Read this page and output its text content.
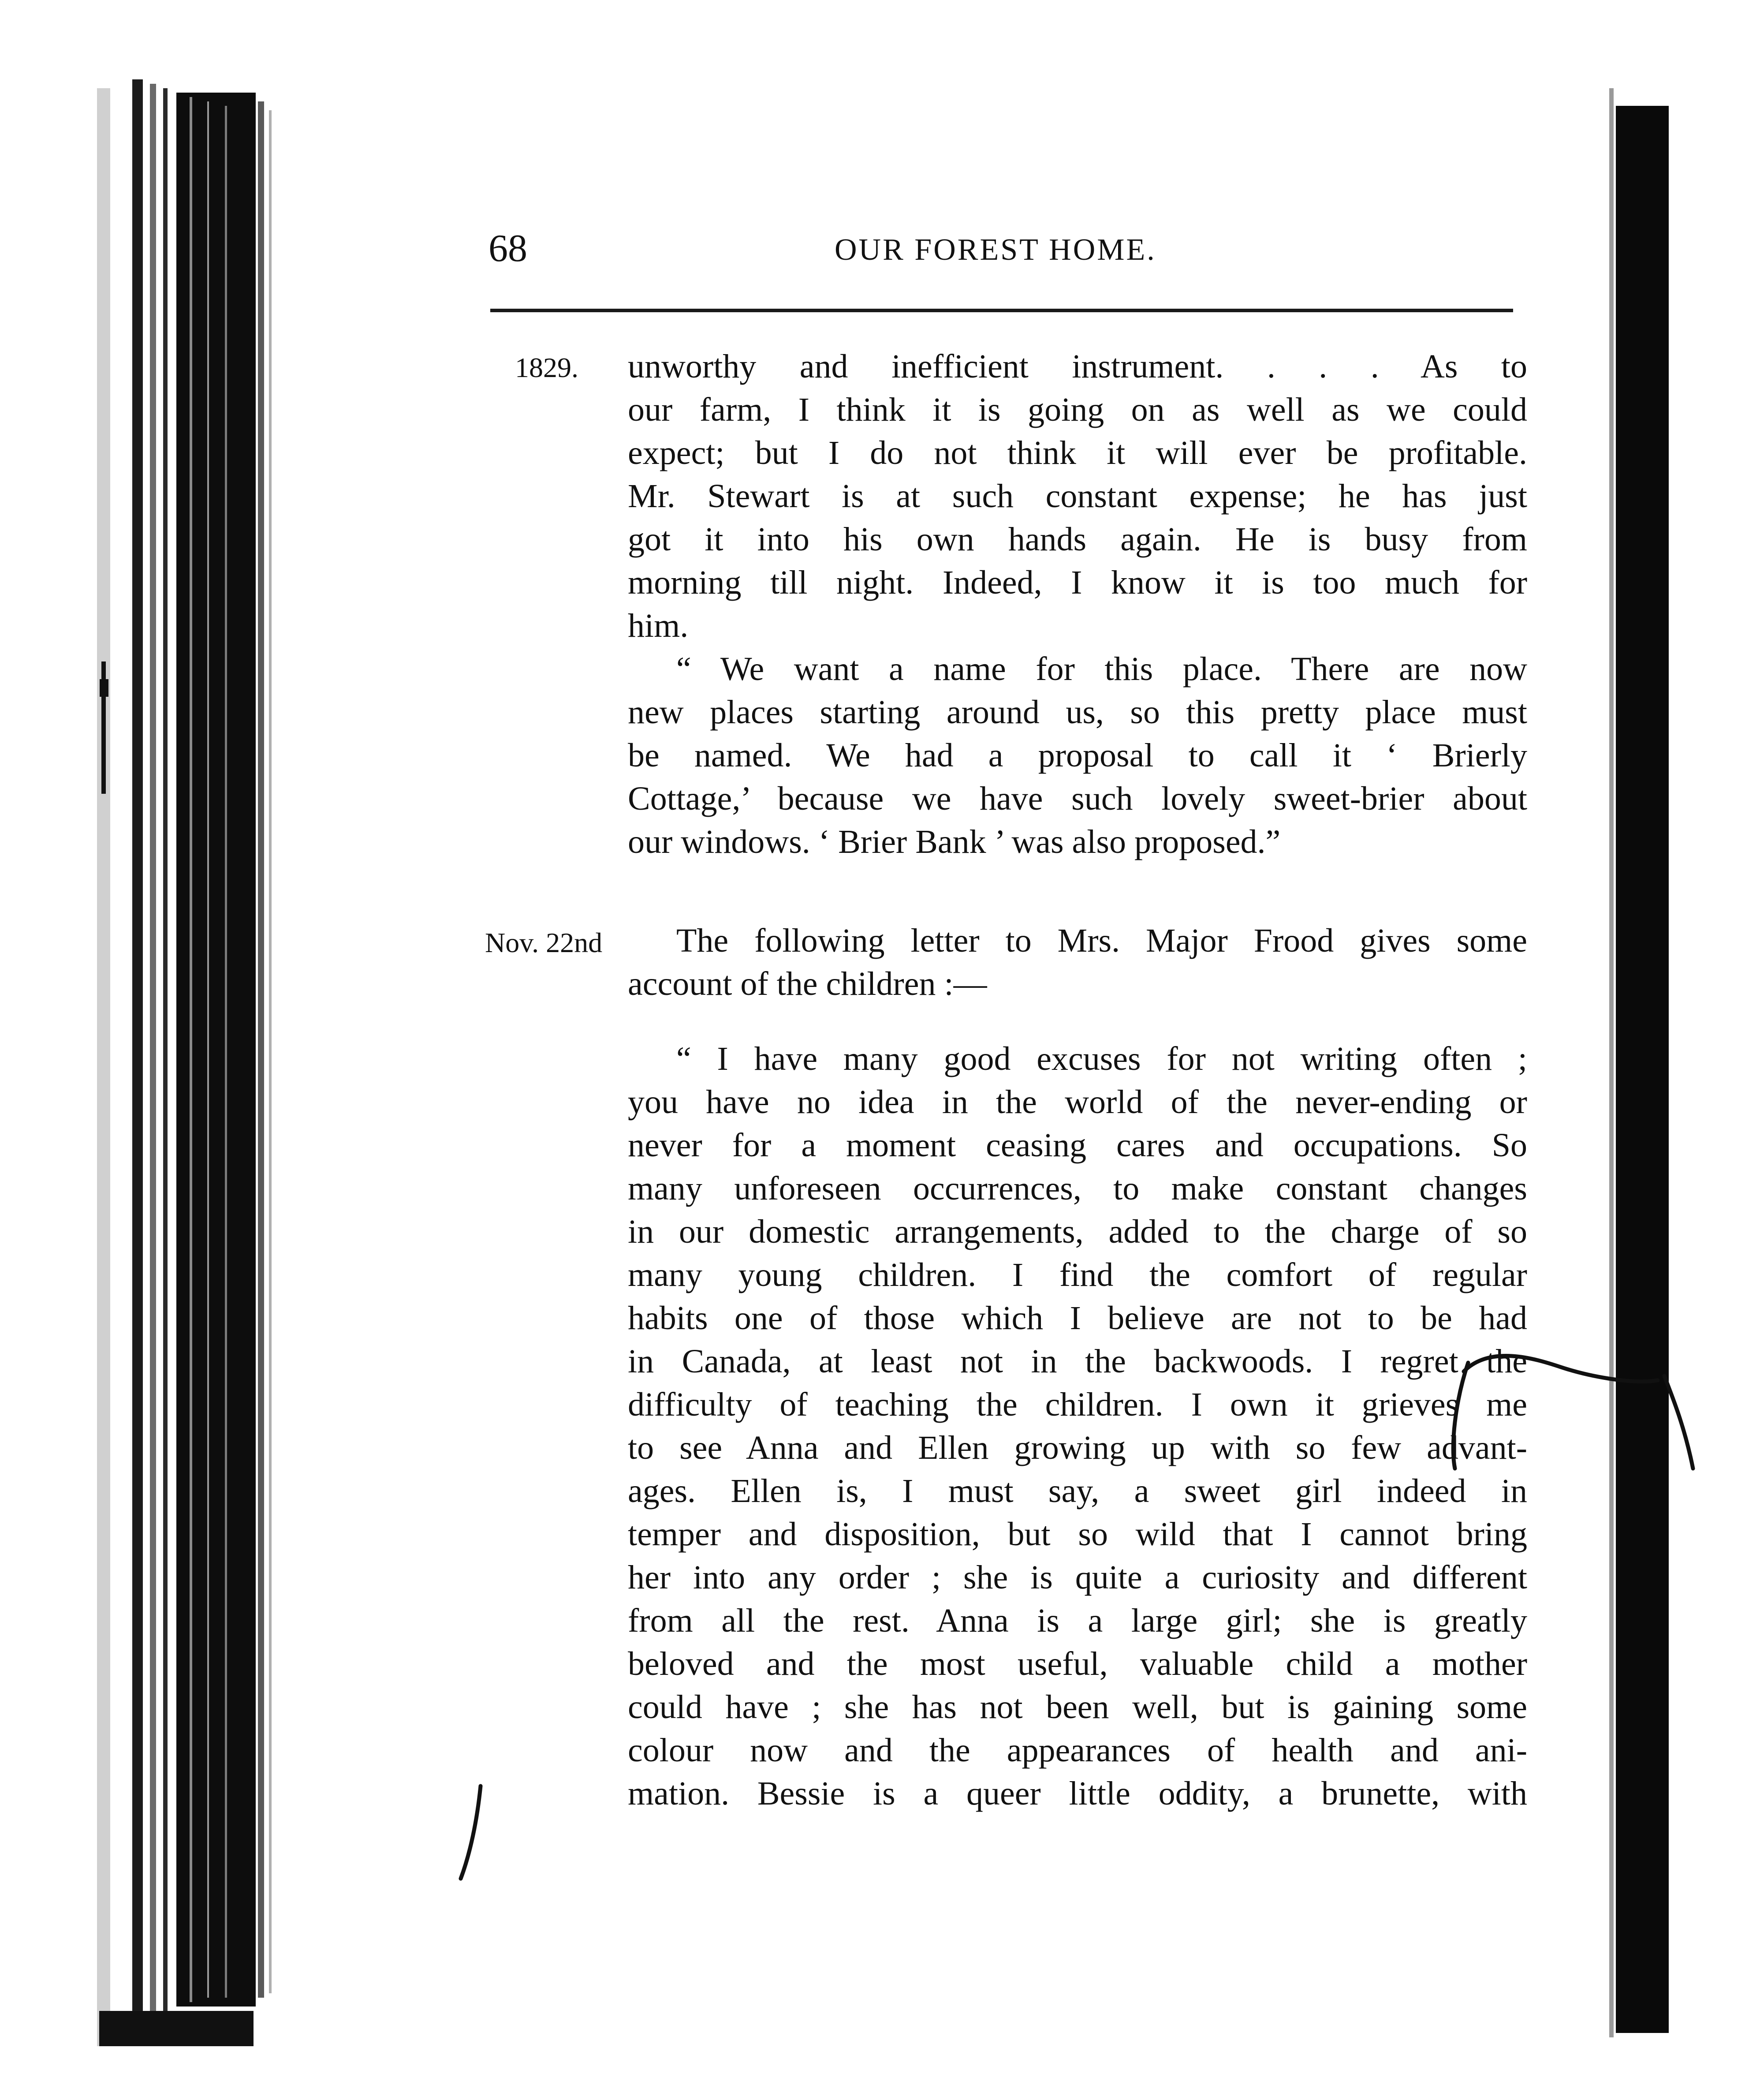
68	OUR FOREST HOME.
1829.
Nov. 22nd
unworthy and inefficient instrument. . . . As to
our farm, I think it is going on as well as we could
expect; but I do not think it will ever be profitable.
Mr. Stewart is at such constant expense; he has just
got it into his own hands again. He is busy from
morning till night. Indeed, I know it is too much for
him.
“ We want a name for this place. There are now
new places starting around us, so this pretty place must
be named. We had a proposal to call it ‘ Brierly
Cottage,’ because we have such lovely sweet-brier about
our windows. ‘ Brier Bank ’ was also proposed.”
The following letter to Mrs. Major Frood gives some
account of the children :—
“ I have many good excuses for not writing often ;
you have no idea in the world of the never-ending or
never for a moment ceasing cares and occupations. So
many unforeseen occurrences, to make constant changes
in our domestic arrangements, added to the charge of so
many young children. I find the comfort of regular
habits one of those which I believe are not to be had
in Canada, at least not in the backwoods. I regret the
difficulty of teaching the children. I own it grieves me
to see Anna and Ellen growing up with so few advant-
ages. Ellen is, I must say, a sweet girl indeed in
temper and disposition, but so wild that I cannot bring
her into any order ; she is quite a curiosity and different
from all the rest. Anna is a large girl; she is greatly
beloved and the most useful, valuable child a mother
could have ; she has not been well, but is gaining some
colour now and the appearances of health and ani-
mation. Bessie is a queer little oddity, a brunette, with
